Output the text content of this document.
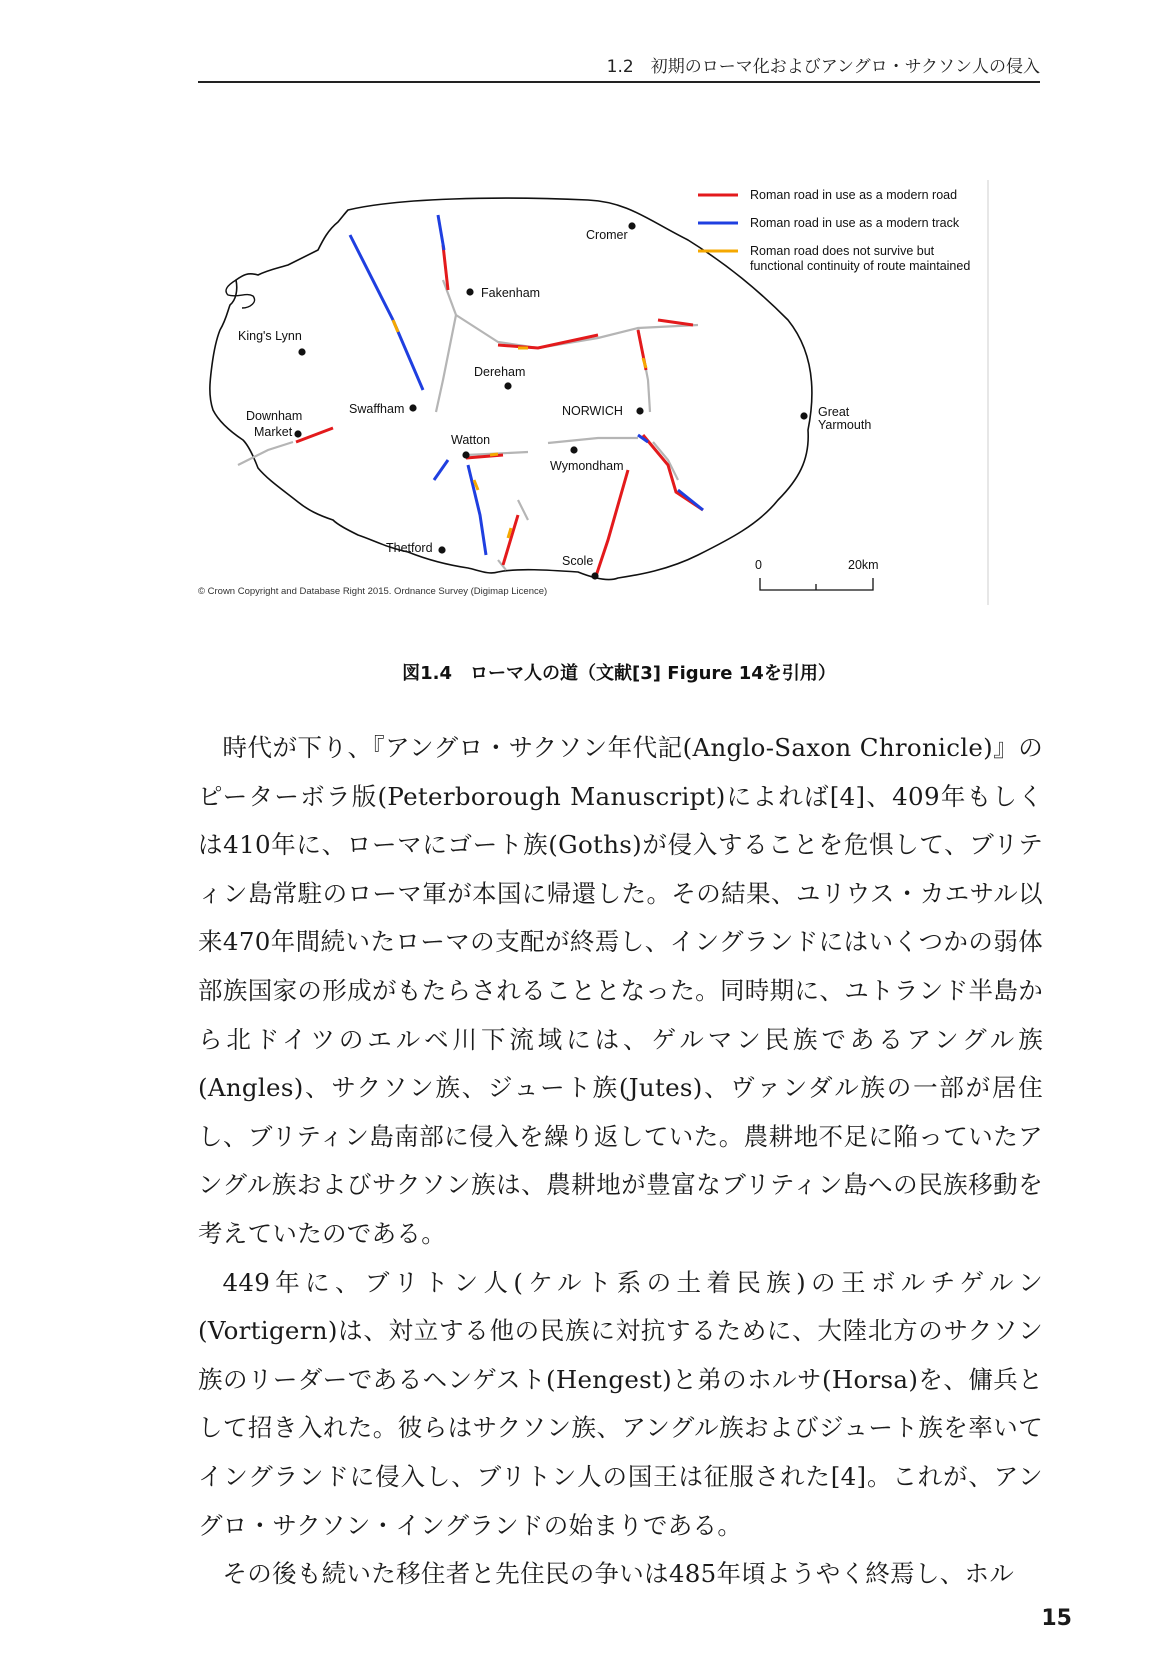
1.2　初期のローマ化およびアングロ・サクソン人の侵入
Cromer
Fakenham
King's Lynn
Dereham
Downham
Market
Swaffham	NORWICH	Great
Yarmouth
Watton
Wymondham
Thetford
Scole
Roman road in use as a modern road
Roman road in use as a modern track
Roman road does not survive but
functional continuity of route maintained
0	20km
© Crown Copyright and Database Right 2015. Ordnance Survey (Digimap Licence)
図1.4　ローマ人の道（文献[3] Figure 14を引用）

時代が下り、『アングロ・サクソン年代記(Anglo-Saxon Chronicle)』のピーターボラ版(Peterborough Manuscript)によれば[4]、409年もしくは410年に、ローマにゴート族(Goths)が侵入することを危惧して、ブリティン島常駐のローマ軍が本国に帰還した。その結果、ユリウス・カエサル以来470年間続いたローマの支配が終焉し、イングランドにはいくつかの弱体部族国家の形成がもたらされることとなった。同時期に、ユトランド半島から北ドイツのエルベ川下流域には、ゲルマン民族であるアングル族(Angles)、サクソン族、ジュート族(Jutes)、ヴァンダル族の一部が居住し、ブリティン島南部に侵入を繰り返していた。農耕地不足に陥っていたアングル族およびサクソン族は、農耕地が豊富なブリティン島への民族移動を考えていたのである。

449年に、ブリトン人(ケルト系の土着民族)の王ボルチゲルン(Vortigern)は、対立する他の民族に対抗するために、大陸北方のサクソン族のリーダーであるヘンゲスト(Hengest)と弟のホルサ(Horsa)を、傭兵として招き入れた。彼らはサクソン族、アングル族およびジュート族を率いてイングランドに侵入し、ブリトン人の国王は征服された[4]。これが、アングロ・サクソン・イングランドの始まりである。

その後も続いた移住者と先住民の争いは485年頃ようやく終焉し、ホル

15
